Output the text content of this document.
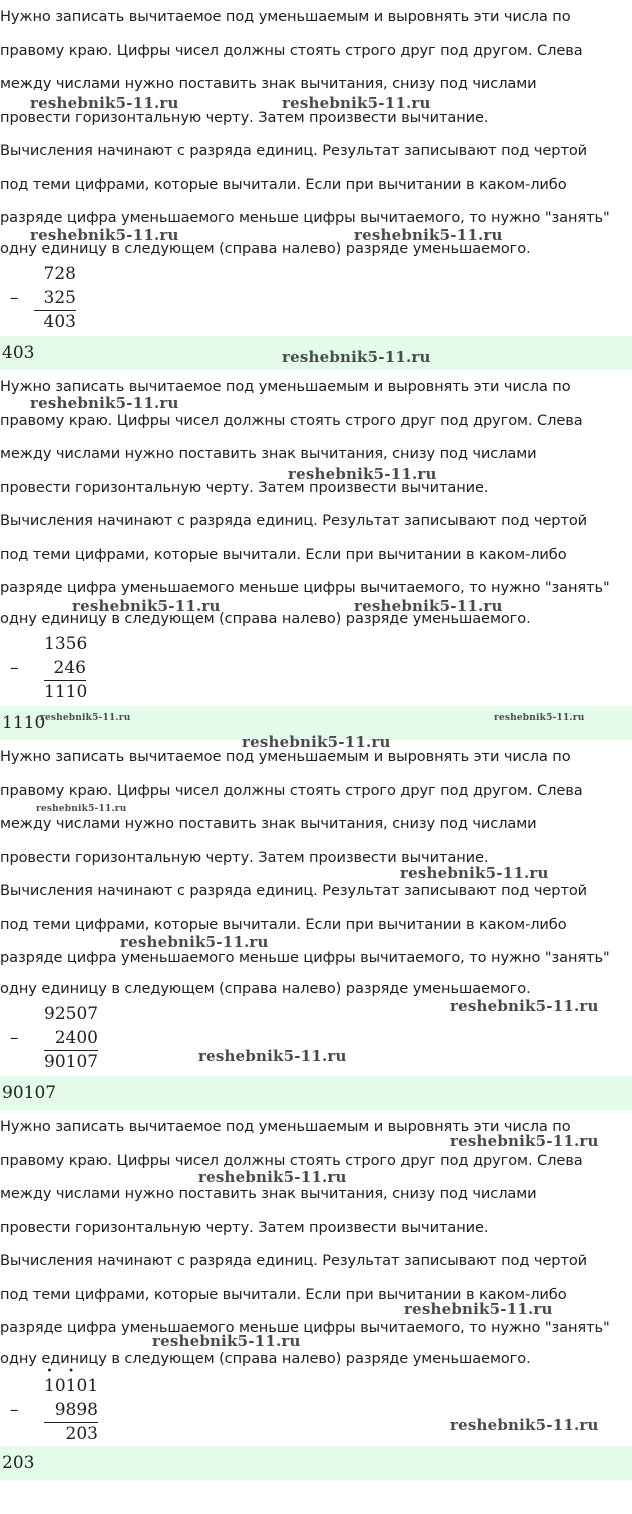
Нужно записать вычитаемое под уменьшаемым и выровнять эти числа по
правому краю. Цифры чисел должны стоять строго друг под другом. Слева
между числами нужно поставить знак вычитания, снизу под числами
провести горизонтальную черту. Затем произвести вычитание.
Вычисления начинают с разряда единиц. Результат записывают под чертой
под теми цифрами, которые вычитали. Если при вычитании в каком-либо
разряде цифра уменьшаемого меньше цифры вычитаемого, то нужно "занять"
одну единицу в следующем (справа налево) разряде уменьшаемого.
728
–	325
403
403
Нужно записать вычитаемое под уменьшаемым и выровнять эти числа по
правому краю. Цифры чисел должны стоять строго друг под другом. Слева
между числами нужно поставить знак вычитания, снизу под числами
провести горизонтальную черту. Затем произвести вычитание.
Вычисления начинают с разряда единиц. Результат записывают под чертой
под теми цифрами, которые вычитали. Если при вычитании в каком-либо
разряде цифра уменьшаемого меньше цифры вычитаемого, то нужно "занять"
одну единицу в следующем (справа налево) разряде уменьшаемого.
1356
–	246
1110
1110
Нужно записать вычитаемое под уменьшаемым и выровнять эти числа по
правому краю. Цифры чисел должны стоять строго друг под другом. Слева
между числами нужно поставить знак вычитания, снизу под числами
провести горизонтальную черту. Затем произвести вычитание.
Вычисления начинают с разряда единиц. Результат записывают под чертой
под теми цифрами, которые вычитали. Если при вычитании в каком-либо
разряде цифра уменьшаемого меньше цифры вычитаемого, то нужно "занять"
одну единицу в следующем (справа налево) разряде уменьшаемого.
92507
–	2400
90107
90107
Нужно записать вычитаемое под уменьшаемым и выровнять эти числа по
правому краю. Цифры чисел должны стоять строго друг под другом. Слева
между числами нужно поставить знак вычитания, снизу под числами
провести горизонтальную черту. Затем произвести вычитание.
Вычисления начинают с разряда единиц. Результат записывают под чертой
под теми цифрами, которые вычитали. Если при вычитании в каком-либо
разряде цифра уменьшаемого меньше цифры вычитаемого, то нужно "занять"
одну единицу в следующем (справа налево) разряде уменьшаемого.
• 10• 101
–	9898
203
203
reshebnik5-11.ru	reshebnik5-11.ru
reshebnik5-11.ru	reshebnik5-11.ru
reshebnik5-11.ru
reshebnik5-11.ru
reshebnik5-11.ru
reshebnik5-11.ru	reshebnik5-11.ru
reshebnik5-11.ru	reshebnik5-11.ru
reshebnik5-11.ru
reshebnik5-11.ru
reshebnik5-11.ru
reshebnik5-11.ru
reshebnik5-11.ru
reshebnik5-11.ru
reshebnik5-11.ru
reshebnik5-11.ru
reshebnik5-11.ru
reshebnik5-11.ru
reshebnik5-11.ru
